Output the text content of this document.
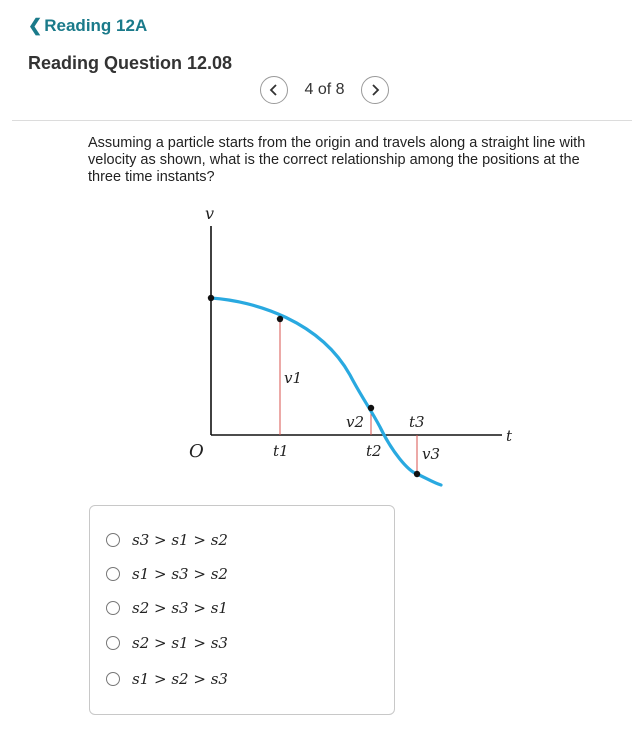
❮ Reading 12A
Reading Question 12.08
4 of 8
Assuming a particle starts from the origin and travels along a straight line with velocity as shown, what is the correct relationship among the positions at the three time instants?
v
t
O	t1	t2
t3
v1
v2
v3
s3 > s1 > s2
s1 > s3 > s2
s2 > s3 > s1
s2 > s1 > s3
s1 > s2 > s3
